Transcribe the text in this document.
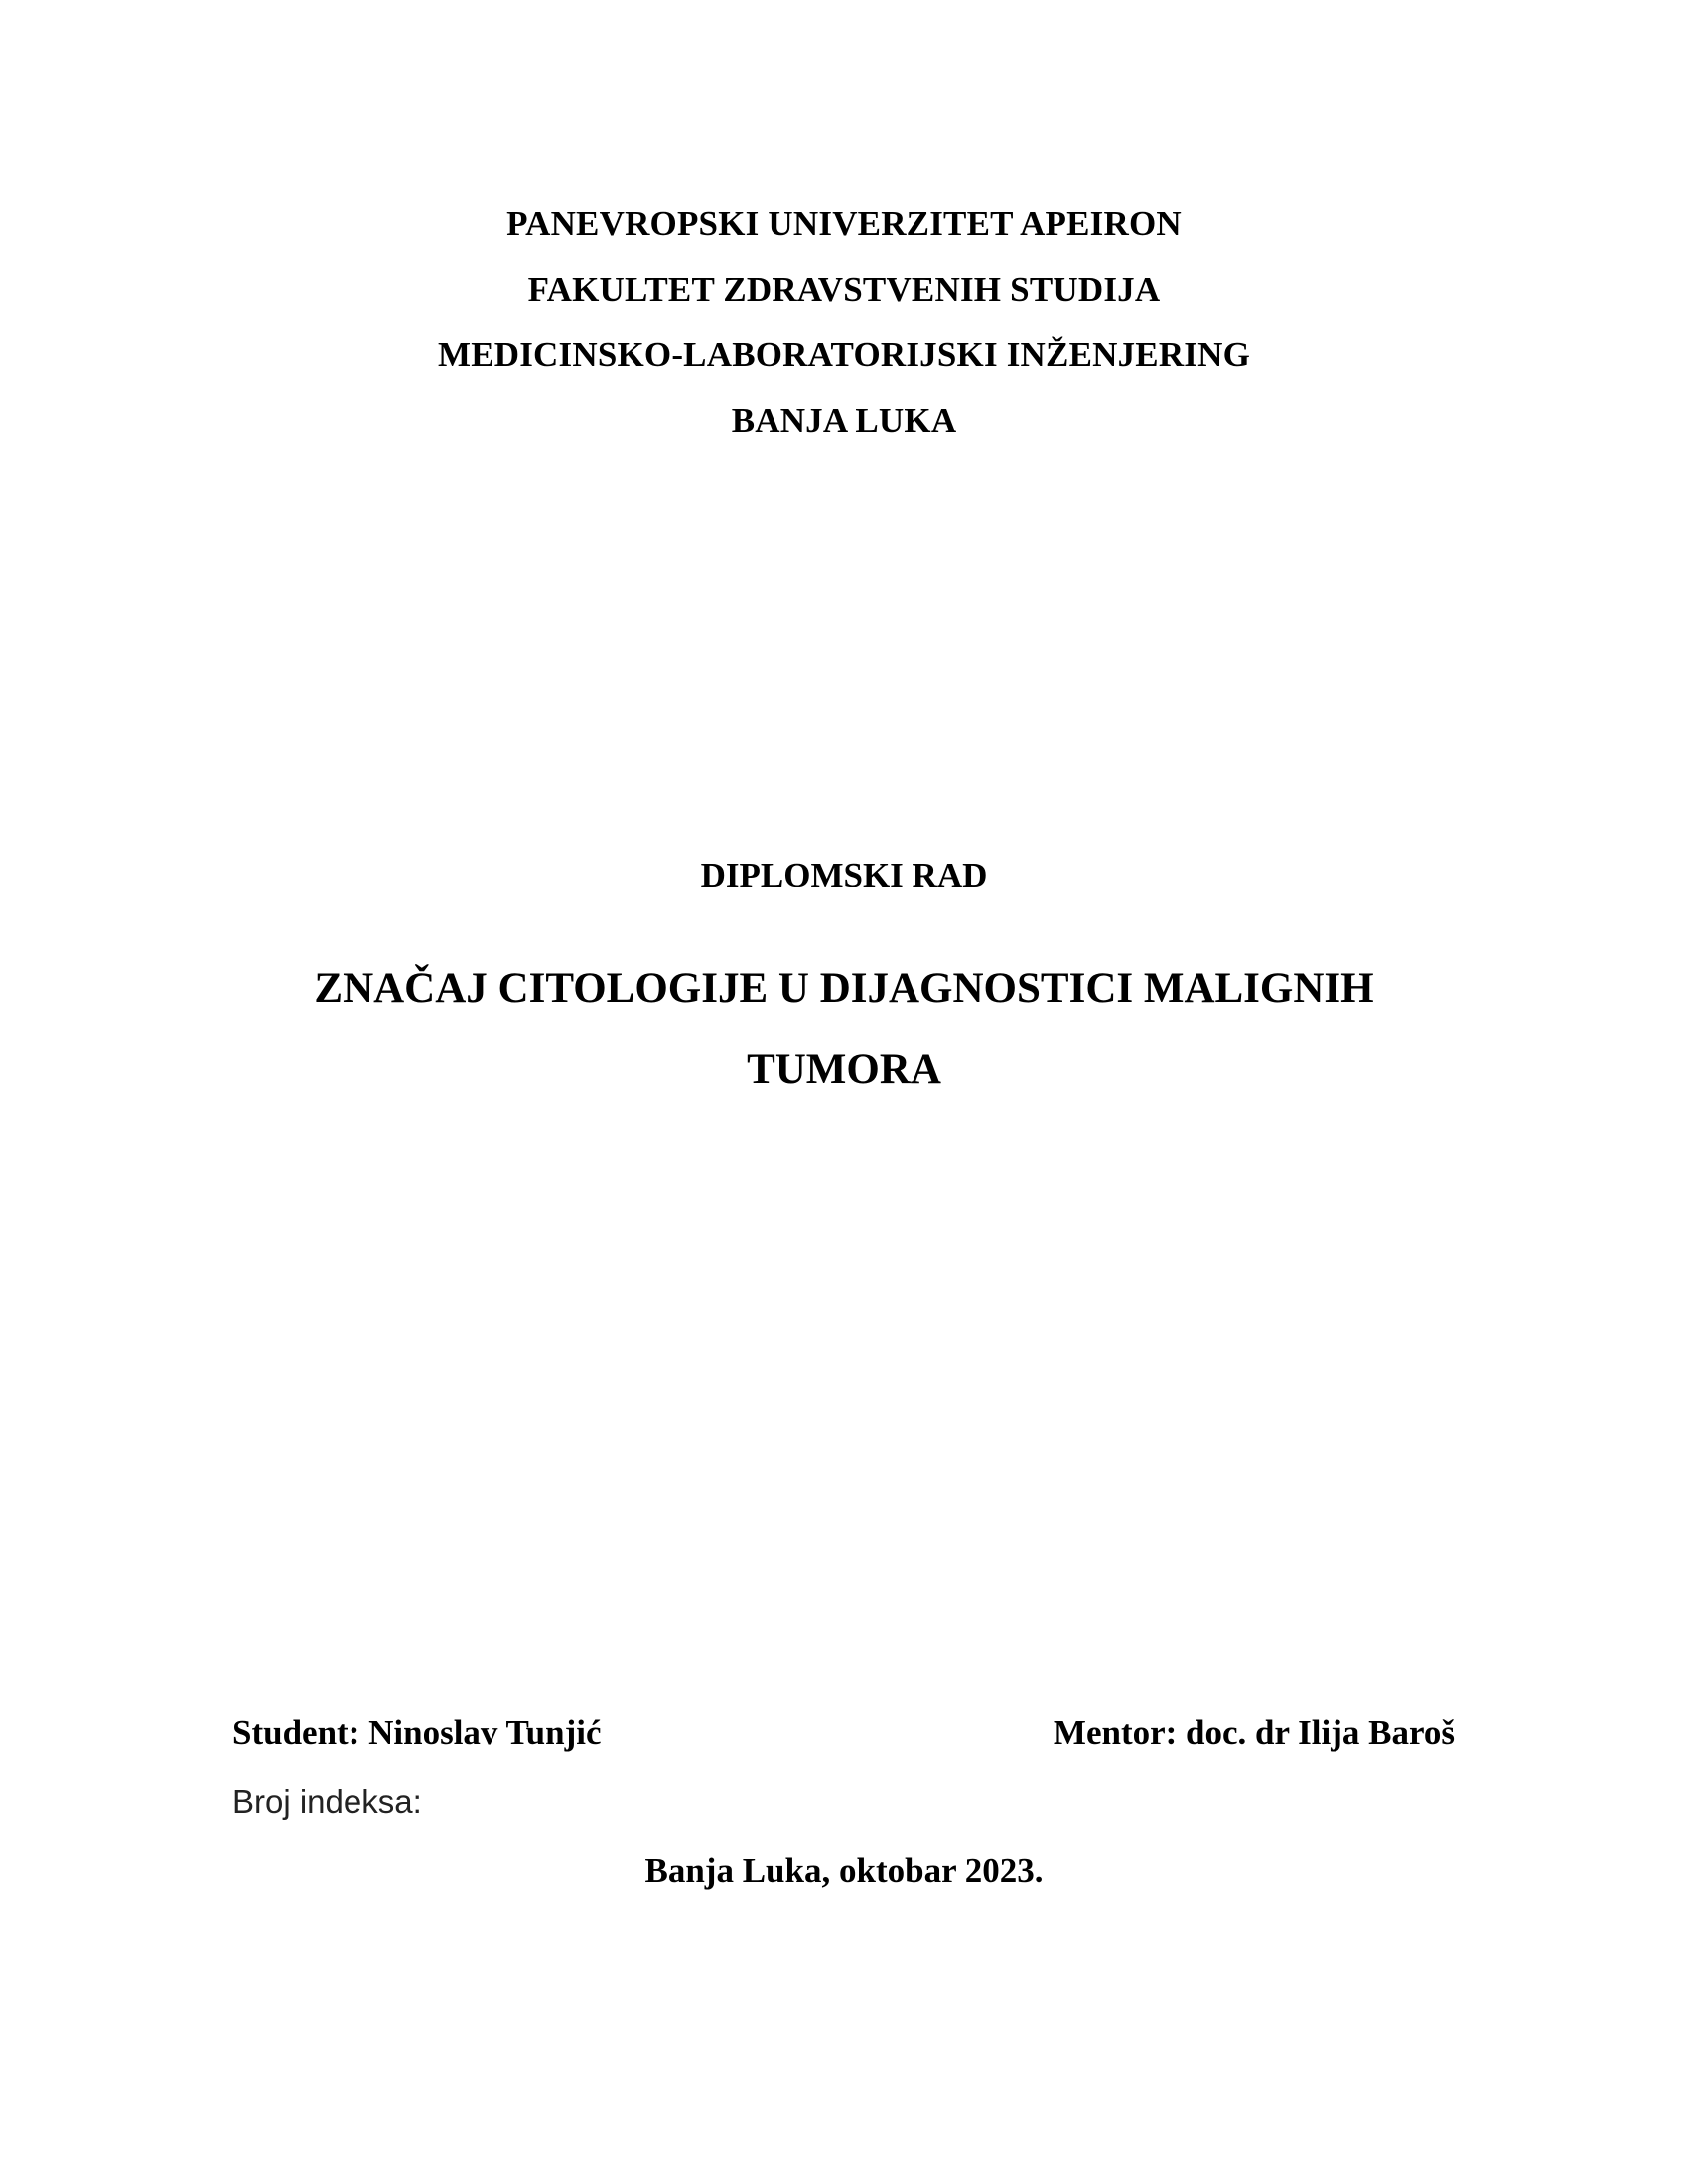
PANEVROPSKI UNIVERZITET APEIRON
FAKULTET ZDRAVSTVENIH STUDIJA
MEDICINSKO-LABORATORIJSKI INŽENJERING
BANJA LUKA
DIPLOMSKI RAD
ZNAČAJ CITOLOGIJE U DIJAGNOSTICI MALIGNIH
TUMORA
Student: Ninoslav Tunjić	Mentor: doc. dr Ilija Baroš
Broj indeksa:
Banja Luka, oktobar 2023.
